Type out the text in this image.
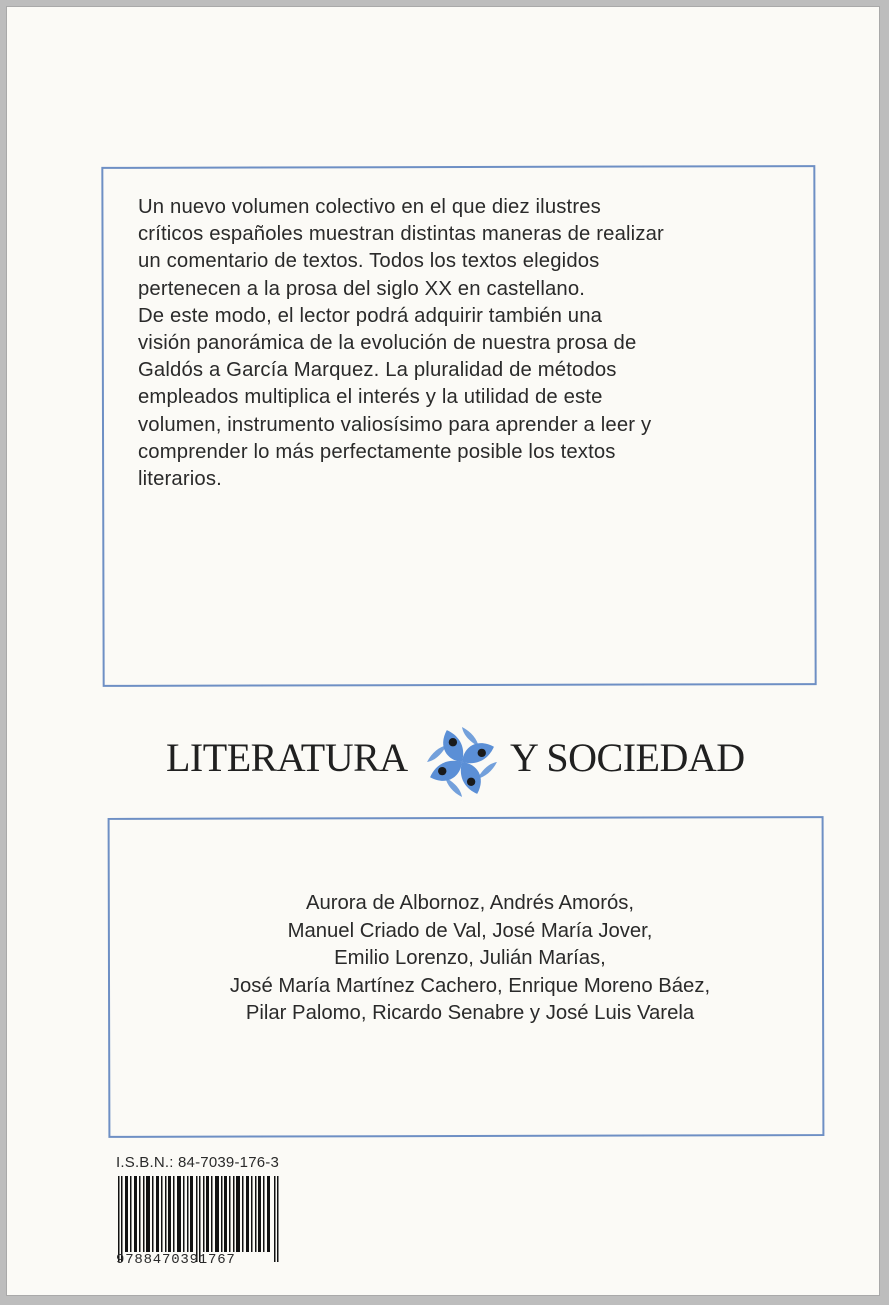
Un nuevo volumen colectivo en el que diez ilustres

críticos españoles muestran distintas maneras de realizar

un comentario de textos. Todos los textos elegidos

pertenecen a la prosa del siglo XX en castellano.

De este modo, el lector podrá adquirir también una

visión panorámica de la evolución de nuestra prosa de

Galdós a García Marquez. La pluralidad de métodos

empleados multiplica el interés y la utilidad de este

volumen, instrumento valiosísimo para aprender a leer y

comprender lo más perfectamente posible los textos

literarios.

LITERATURA	Y SOCIEDAD
Aurora de Albornoz, Andrés Amorós,
Manuel Criado de Val, José María Jover,
Emilio Lorenzo, Julián Marías,
José María Martínez Cachero, Enrique Moreno Báez,
Pilar Palomo, Ricardo Senabre y José Luis Varela
I.S.B.N.: 84-7039-176-3
9788470391767
